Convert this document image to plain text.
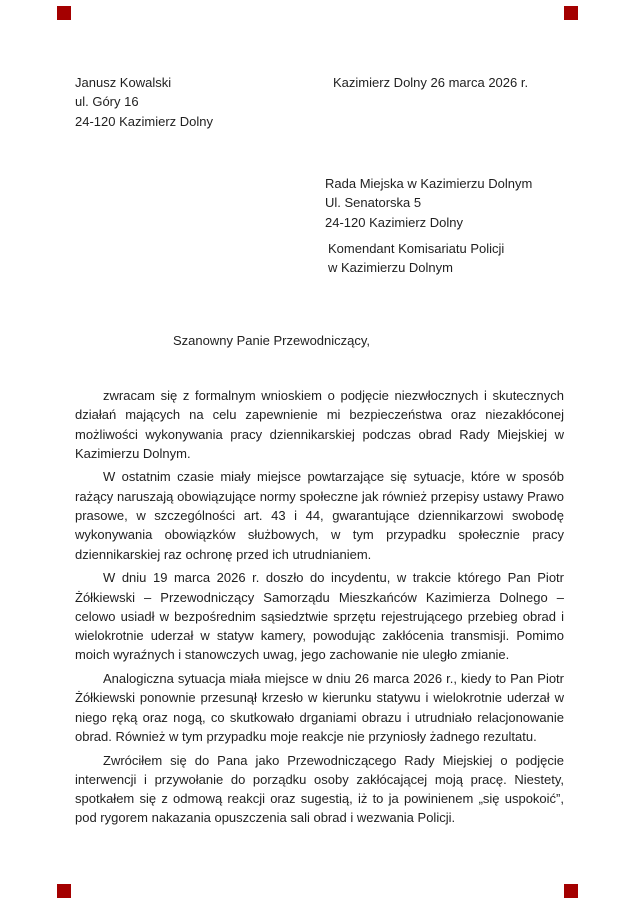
Janusz Kowalski
ul. Góry 16
24-120 Kazimierz Dolny
Kazimierz Dolny 26 marca 2026 r.
Rada Miejska w Kazimierzu Dolnym
Ul. Senatorska 5
24-120 Kazimierz Dolny
Komendant Komisariatu Policji
w Kazimierzu Dolnym
Szanowny Panie Przewodniczący,

zwracam się z formalnym wnioskiem o podjęcie niezwłocznych i skutecznych działań mających na celu zapewnienie mi bezpieczeństwa oraz niezakłóconej możliwości wykonywania pracy dziennikarskiej podczas obrad Rady Miejskiej w Kazimierzu Dolnym.

W ostatnim czasie miały miejsce powtarzające się sytuacje, które w sposób rażący naruszają obowiązujące normy społeczne jak również przepisy ustawy Prawo prasowe, w szczególności art. 43 i 44, gwarantujące dziennikarzowi swobodę wykonywania obowiązków służbowych, w tym przypadku społecznie pracy dziennikarskiej raz ochronę przed ich utrudnianiem.

W dniu 19 marca 2026 r. doszło do incydentu, w trakcie którego Pan Piotr Żółkiewski – Przewodniczący Samorządu Mieszkańców Kazimierza Dolnego – celowo usiadł w bezpośrednim sąsiedztwie sprzętu rejestrującego przebieg obrad i wielokrotnie uderzał w statyw kamery, powodując zakłócenia transmisji. Pomimo moich wyraźnych i stanowczych uwag, jego zachowanie nie uległo zmianie.

Analogiczna sytuacja miała miejsce w dniu 26 marca 2026 r., kiedy to Pan Piotr Żółkiewski ponownie przesunął krzesło w kierunku statywu i wielokrotnie uderzał w niego ręką oraz nogą, co skutkowało drganiami obrazu i utrudniało relacjonowanie obrad. Również w tym przypadku moje reakcje nie przyniosły żadnego rezultatu.

Zwróciłem się do Pana jako Przewodniczącego Rady Miejskiej o podjęcie interwencji i przywołanie do porządku osoby zakłócającej moją pracę. Niestety, spotkałem się z odmową reakcji oraz sugestią, iż to ja powinienem „się uspokoić”, pod rygorem nakazania opuszczenia sali obrad i wezwania Policji.
